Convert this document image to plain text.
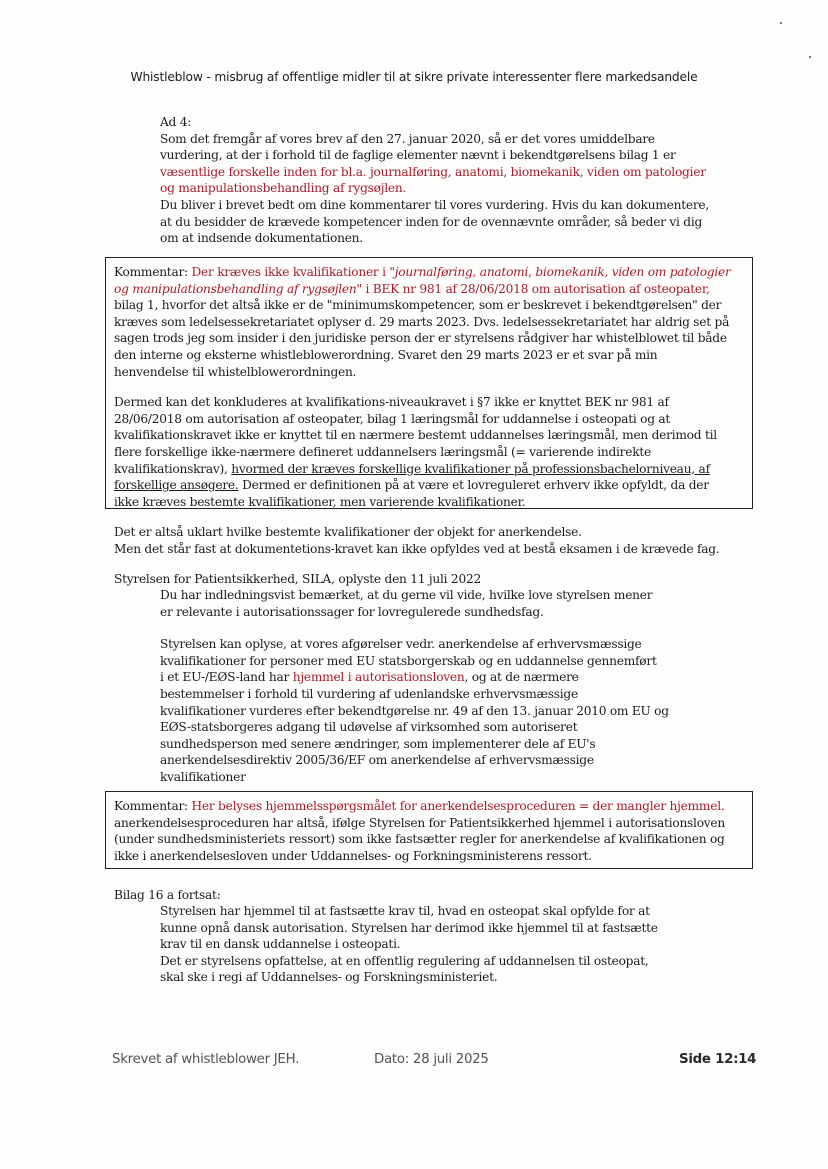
Whistleblow - misbrug af offentlige midler til at sikre private interessenter flere markedsandele

Ad 4:

Som det fremgår af vores brev af den 27. januar 2020, så er det vores umiddelbare

vurdering, at der i forhold til de faglige elementer nævnt i bekendtgørelsens bilag 1 er

væsentlige forskelle inden for bl.a. journalføring, anatomi, biomekanik, viden om patologier

og manipulationsbehandling af rygsøjlen.

Du bliver i brevet bedt om dine kommentarer til vores vurdering. Hvis du kan dokumentere,

at du besidder de krævede kompetencer inden for de ovennævnte områder, så beder vi dig

om at indsende dokumentationen.

Kommentar: Der kræves ikke kvalifikationer i "journalføring, anatomi, biomekanik, viden om patologier

og manipulationsbehandling af rygsøjlen" i BEK nr 981 af 28/06/2018 om autorisation af osteopater,

bilag 1, hvorfor det altså ikke er de "minimumskompetencer, som er beskrevet i bekendtgørelsen" der

kræves som ledelsessekretariatet oplyser d. 29 marts 2023. Dvs. ledelsessekretariatet har aldrig set på

sagen trods jeg som insider i den juridiske person der er styrelsens rådgiver har whistelblowet til både

den interne og eksterne whistleblowerordning. Svaret den 29 marts 2023 er et svar på min

henvendelse til whistelblowerordningen.

Dermed kan det konkluderes at kvalifikations-niveaukravet i §7 ikke er knyttet BEK nr 981 af

28/06/2018 om autorisation af osteopater, bilag 1 læringsmål for uddannelse i osteopati og at

kvalifikationskravet ikke er knyttet til en nærmere bestemt uddannelses læringsmål, men derimod til

flere forskellige ikke-nærmere defineret uddannelsers læringsmål (= varierende indirekte

kvalifikationskrav), hvormed der kræves forskellige kvalifikationer på professionsbachelorniveau, af

forskellige ansøgere. Dermed er definitionen på at være et lovreguleret erhverv ikke opfyldt, da der

ikke kræves bestemte kvalifikationer, men varierende kvalifikationer.

Det er altså uklart hvilke bestemte kvalifikationer der objekt for anerkendelse.

Men det står fast at dokumentetions-kravet kan ikke opfyldes ved at bestå eksamen i de krævede fag.

Styrelsen for Patientsikkerhed, SILA, oplyste den 11 juli 2022

Du har indledningsvist bemærket, at du gerne vil vide, hvilke love styrelsen mener

er relevante i autorisationssager for lovregulerede sundhedsfag.

Styrelsen kan oplyse, at vores afgørelser vedr. anerkendelse af erhvervsmæssige

kvalifikationer for personer med EU statsborgerskab og en uddannelse gennemført

i et EU-/EØS-land har hjemmel i autorisationsloven, og at de nærmere

bestemmelser i forhold til vurdering af udenlandske erhvervsmæssige

kvalifikationer vurderes efter bekendtgørelse nr. 49 af den 13. januar 2010 om EU og

EØS-statsborgeres adgang til udøvelse af virksomhed som autoriseret

sundhedsperson med senere ændringer, som implementerer dele af EU's

anerkendelsesdirektiv 2005/36/EF om anerkendelse af erhvervsmæssige

kvalifikationer

Kommentar: Her belyses hjemmelsspørgsmålet for anerkendelsesproceduren = der mangler hjemmel.

anerkendelsesproceduren har altså, ifølge Styrelsen for Patientsikkerhed hjemmel i autorisationsloven

(under sundhedsministeriets ressort) som ikke fastsætter regler for anerkendelse af kvalifikationen og

ikke i anerkendelsesloven under Uddannelses- og Forkningsministerens ressort.

Bilag 16 a fortsat:

Styrelsen har hjemmel til at fastsætte krav til, hvad en osteopat skal opfylde for at

kunne opnå dansk autorisation. Styrelsen har derimod ikke hjemmel til at fastsætte

krav til en dansk uddannelse i osteopati.

Det er styrelsens opfattelse, at en offentlig regulering af uddannelsen til osteopat,

skal ske i regi af Uddannelses- og Forskningsministeriet.

Skrevet af whistleblower JEH.	Dato: 28 juli 2025	Side 12:14
